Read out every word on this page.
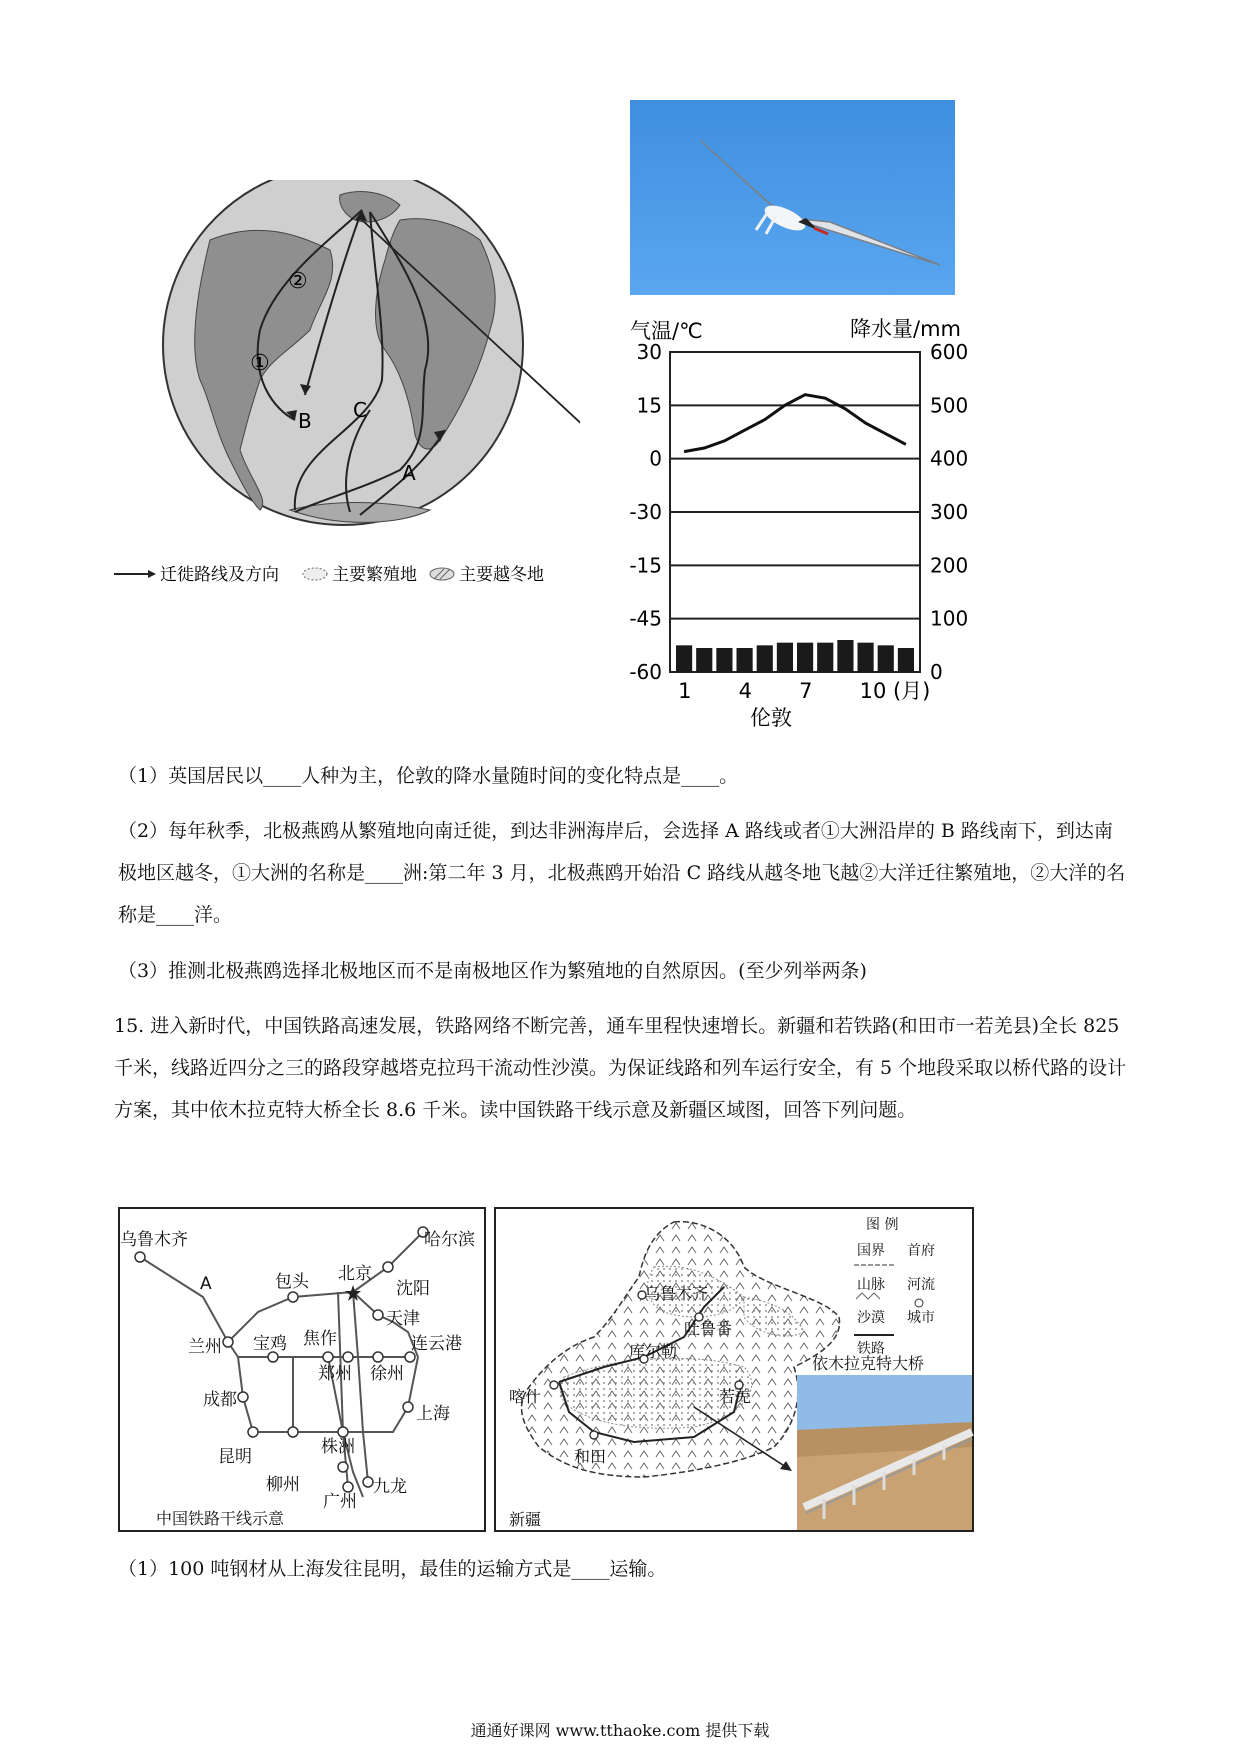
②
①
B C
A
迁徙路线及方向	主要繁殖地 主要越冬地
气温/℃	降水量/mm
30
15
0
-30
-15
-45
-60
600
500
400
300
200
100
0
1 4 7 10 (月)
伦敦
（1）英国居民以____人种为主，伦敦的降水量随时间的变化特点是____。
（2）每年秋季，北极燕鸥从繁殖地向南迁徙，到达非洲海岸后，会选择 A 路线或者①大洲沿岸的 B 路线南下，到达南极地区越冬，①大洲的名称是____洲:第二年 3 月，北极燕鸥开始沿 C 路线从越冬地飞越②大洋迁往繁殖地，②大洋的名称是____洋。
（3）推测北极燕鸥选择北极地区而不是南极地区作为繁殖地的自然原因。(至少列举两条)
15. 进入新时代，中国铁路高速发展，铁路网络不断完善，通车里程快速增长。新疆和若铁路(和田市一若羌县)全长 825 千米，线路近四分之三的路段穿越塔克拉玛干流动性沙漠。为保证线路和列车运行安全，有 5 个地段采取以桥代路的设计方案，其中依木拉克特大桥全长 8.6 千米。读中国铁路干线示意及新疆区域图，回答下列问题。
乌鲁木齐
A
哈尔滨
包头 北京
沈阳
天津
兰州 宝鸡 焦作	连云港
郑州 徐州
成都
上海
昆明	株洲
柳州	九龙
广州
中国铁路干线示意
乌鲁木齐
吐鲁番
库尔勒
喀什	若羌
和田
新疆
图 例
国界 首府
山脉 河流
沙漠 城市
铁路
依木拉克特大桥
（1）100 吨钢材从上海发往昆明，最佳的运输方式是____运输。
通通好课网 www.tthaoke.com 提供下载
